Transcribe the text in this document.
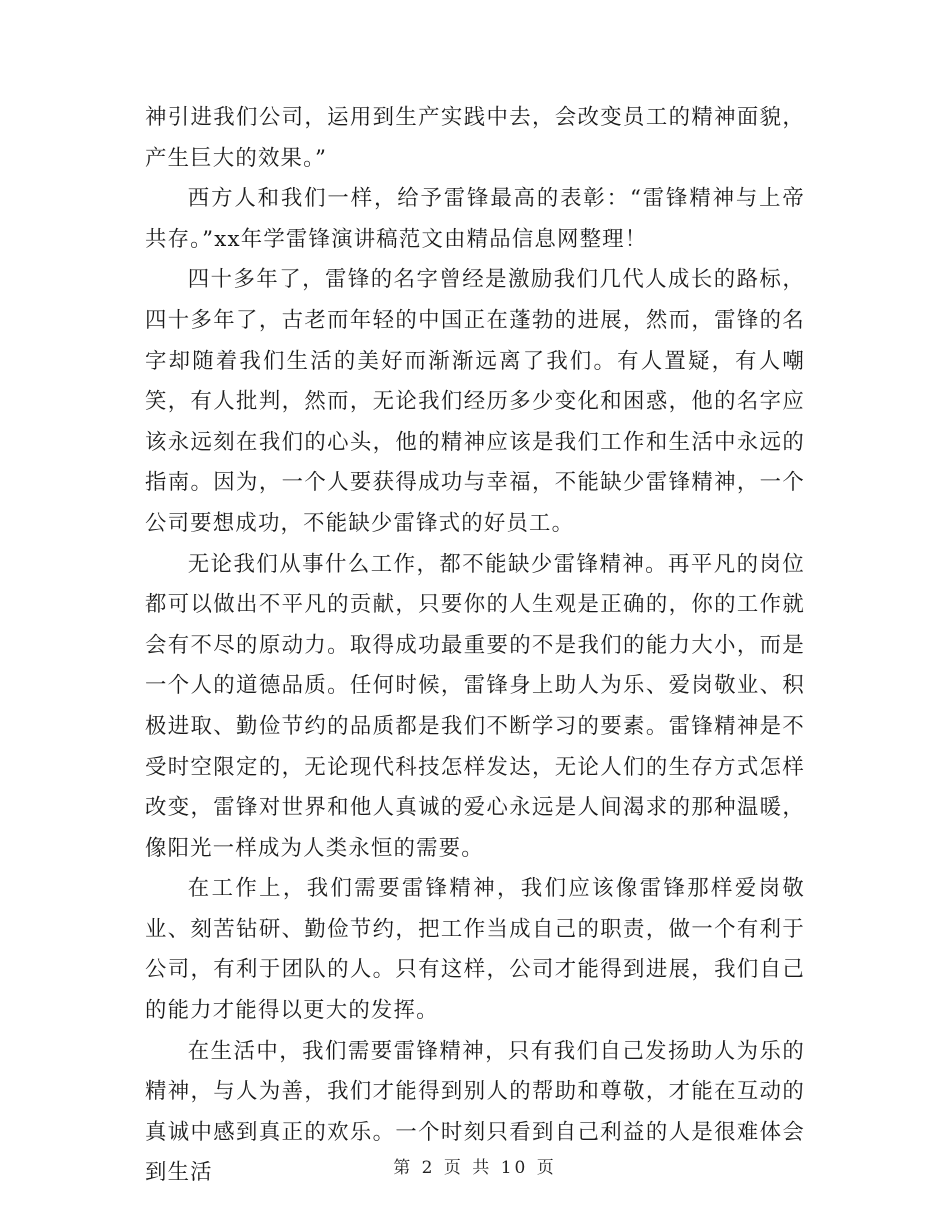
神引进我们公司，运用到生产实践中去，会改变员工的精神面貌，产生巨大的效果。”

西方人和我们一样，给予雷锋最高的表彰：“雷锋精神与上帝共存。”xx年学雷锋演讲稿范文由精品信息网整理！

四十多年了，雷锋的名字曾经是激励我们几代人成长的路标，四十多年了，古老而年轻的中国正在蓬勃的进展，然而，雷锋的名字却随着我们生活的美好而渐渐远离了我们。有人置疑，有人嘲笑，有人批判，然而，无论我们经历多少变化和困惑，他的名字应该永远刻在我们的心头，他的精神应该是我们工作和生活中永远的指南。因为，一个人要获得成功与幸福，不能缺少雷锋精神，一个公司要想成功，不能缺少雷锋式的好员工。

无论我们从事什么工作，都不能缺少雷锋精神。再平凡的岗位都可以做出不平凡的贡献，只要你的人生观是正确的，你的工作就会有不尽的原动力。取得成功最重要的不是我们的能力大小，而是一个人的道德品质。任何时候，雷锋身上助人为乐、爱岗敬业、积极进取、勤俭节约的品质都是我们不断学习的要素。雷锋精神是不受时空限定的，无论现代科技怎样发达，无论人们的生存方式怎样改变，雷锋对世界和他人真诚的爱心永远是人间渴求的那种温暖，像阳光一样成为人类永恒的需要。

在工作上，我们需要雷锋精神，我们应该像雷锋那样爱岗敬业、刻苦钻研、勤俭节约，把工作当成自己的职责，做一个有利于公司，有利于团队的人。只有这样，公司才能得到进展，我们自己的能力才能得以更大的发挥。

在生活中，我们需要雷锋精神，只有我们自己发扬助人为乐的精神，与人为善，我们才能得到别人的帮助和尊敬，才能在互动的真诚中感到真正的欢乐。一个时刻只看到自己利益的人是很难体会到生活	第 2 页 共 10 页
